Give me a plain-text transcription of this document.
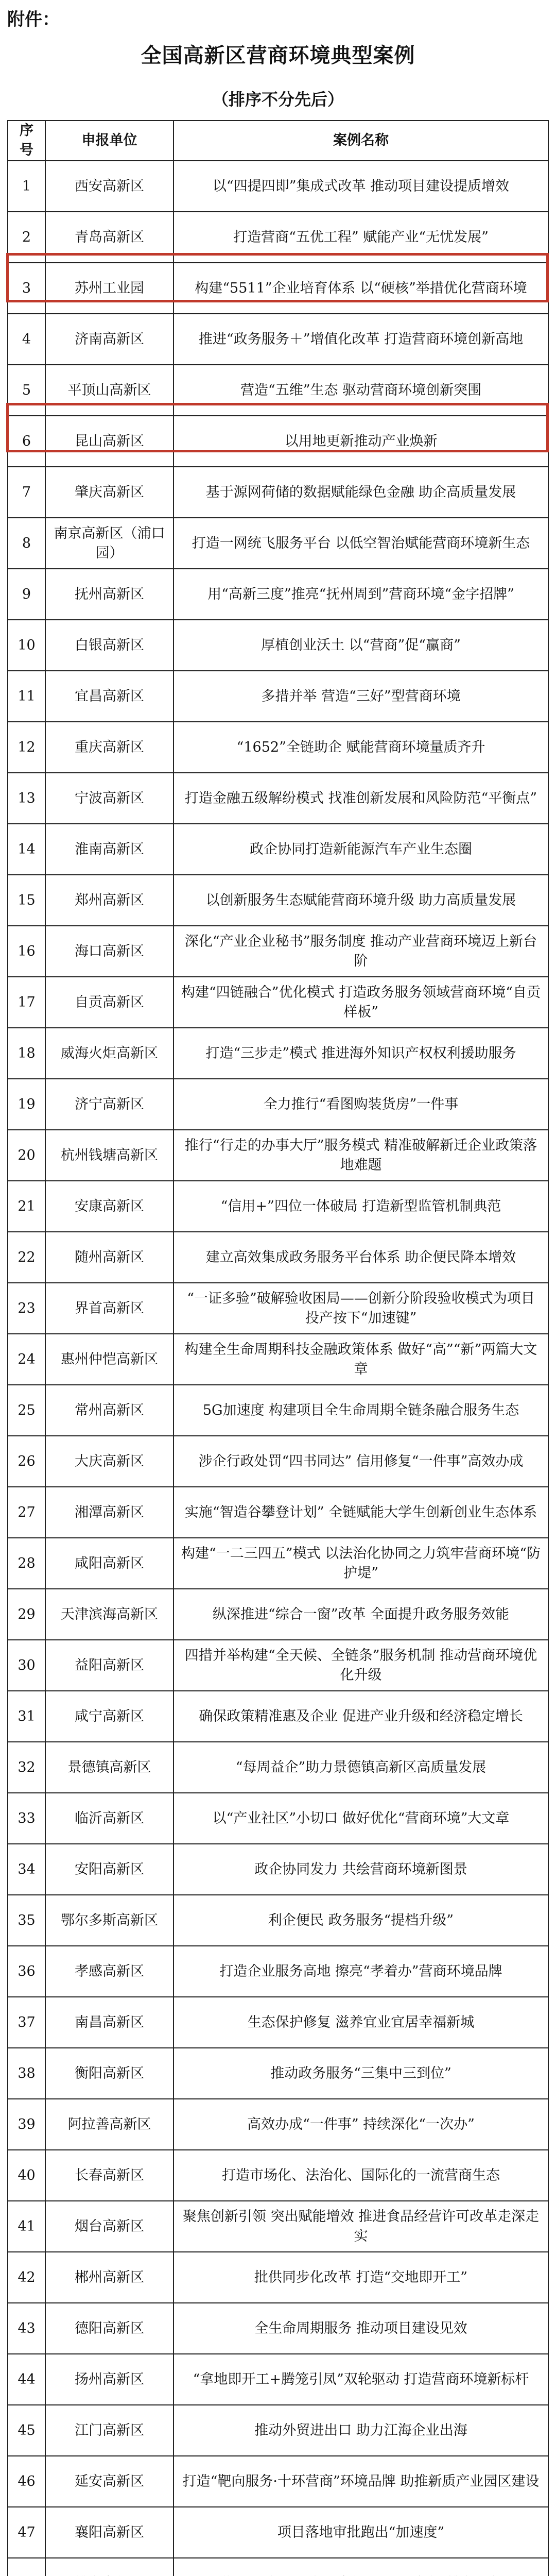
附件：
全国高新区营商环境典型案例
（排序不分先后）
序号	申报单位	案例名称
1	西安高新区	以“四提四即”集成式改革 推动项目建设提质增效
2	青岛高新区	打造营商“五优工程” 赋能产业“无忧发展”
3	苏州工业园	构建“5511”企业培育体系 以“硬核”举措优化营商环境
4	济南高新区	推进“政务服务＋”增值化改革 打造营商环境创新高地
5	平顶山高新区	营造“五维”生态 驱动营商环境创新突围
6	昆山高新区	以用地更新推动产业焕新
7	肇庆高新区	基于源网荷储的数据赋能绿色金融 助企高质量发展
8	南京高新区（浦口园）	打造一网统飞服务平台 以低空智治赋能营商环境新生态
9	抚州高新区	用“高新三度”推亮“抚州周到”营商环境“金字招牌”
10	白银高新区	厚植创业沃土 以“营商”促“赢商”
11	宜昌高新区	多措并举 营造“三好”型营商环境
12	重庆高新区	“1652”全链助企 赋能营商环境量质齐升
13	宁波高新区	打造金融五级解纷模式 找准创新发展和风险防范“平衡点”
14	淮南高新区	政企协同打造新能源汽车产业生态圈
15	郑州高新区	以创新服务生态赋能营商环境升级 助力高质量发展
16	海口高新区	深化“产业企业秘书”服务制度 推动产业营商环境迈上新台阶
17	自贡高新区	构建“四链融合”优化模式 打造政务服务领域营商环境“自贡样板”
18	威海火炬高新区	打造“三步走”模式 推进海外知识产权权利援助服务
19	济宁高新区	全力推行“看图购装货房”一件事
20	杭州钱塘高新区	推行“行走的办事大厅”服务模式 精准破解新迁企业政策落地难题
21	安康高新区	“信用+”四位一体破局 打造新型监管机制典范
22	随州高新区	建立高效集成政务服务平台体系 助企便民降本增效
23	界首高新区	“一证多验”破解验收困局——创新分阶段验收模式为项目投产按下“加速键”
24	惠州仲恺高新区	构建全生命周期科技金融政策体系 做好“高”“新”两篇大文章
25	常州高新区	5G加速度 构建项目全生命周期全链条融合服务生态
26	大庆高新区	涉企行政处罚“四书同达” 信用修复“一件事”高效办成
27	湘潭高新区	实施“智造谷攀登计划” 全链赋能大学生创新创业生态体系
28	咸阳高新区	构建“一二三四五”模式 以法治化协同之力筑牢营商环境“防护堤”
29	天津滨海高新区	纵深推进“综合一窗”改革 全面提升政务服务效能
30	益阳高新区	四措并举构建“全天候、全链条”服务机制 推动营商环境优化升级
31	咸宁高新区	确保政策精准惠及企业 促进产业升级和经济稳定增长
32	景德镇高新区	“每周益企”助力景德镇高新区高质量发展
33	临沂高新区	以“产业社区”小切口 做好优化“营商环境”大文章
34	安阳高新区	政企协同发力 共绘营商环境新图景
35	鄂尔多斯高新区	利企便民 政务服务“提档升级”
36	孝感高新区	打造企业服务高地 擦亮“孝着办”营商环境品牌
37	南昌高新区	生态保护修复 滋养宜业宜居幸福新城
38	衡阳高新区	推动政务服务“三集中三到位”
39	阿拉善高新区	高效办成“一件事” 持续深化“一次办”
40	长春高新区	打造市场化、法治化、国际化的一流营商生态
41	烟台高新区	聚焦创新引领 突出赋能增效 推进食品经营许可改革走深走实
42	郴州高新区	批供同步化改革 打造“交地即开工”
43	德阳高新区	全生命周期服务 推动项目建设见效
44	扬州高新区	“拿地即开工+腾笼引凤”双轮驱动 打造营商环境新标杆
45	江门高新区	推动外贸进出口 助力江海企业出海
46	延安高新区	打造“靶向服务·十环营商”环境品牌 助推新质产业园区建设
47	襄阳高新区	项目落地审批跑出“加速度”
